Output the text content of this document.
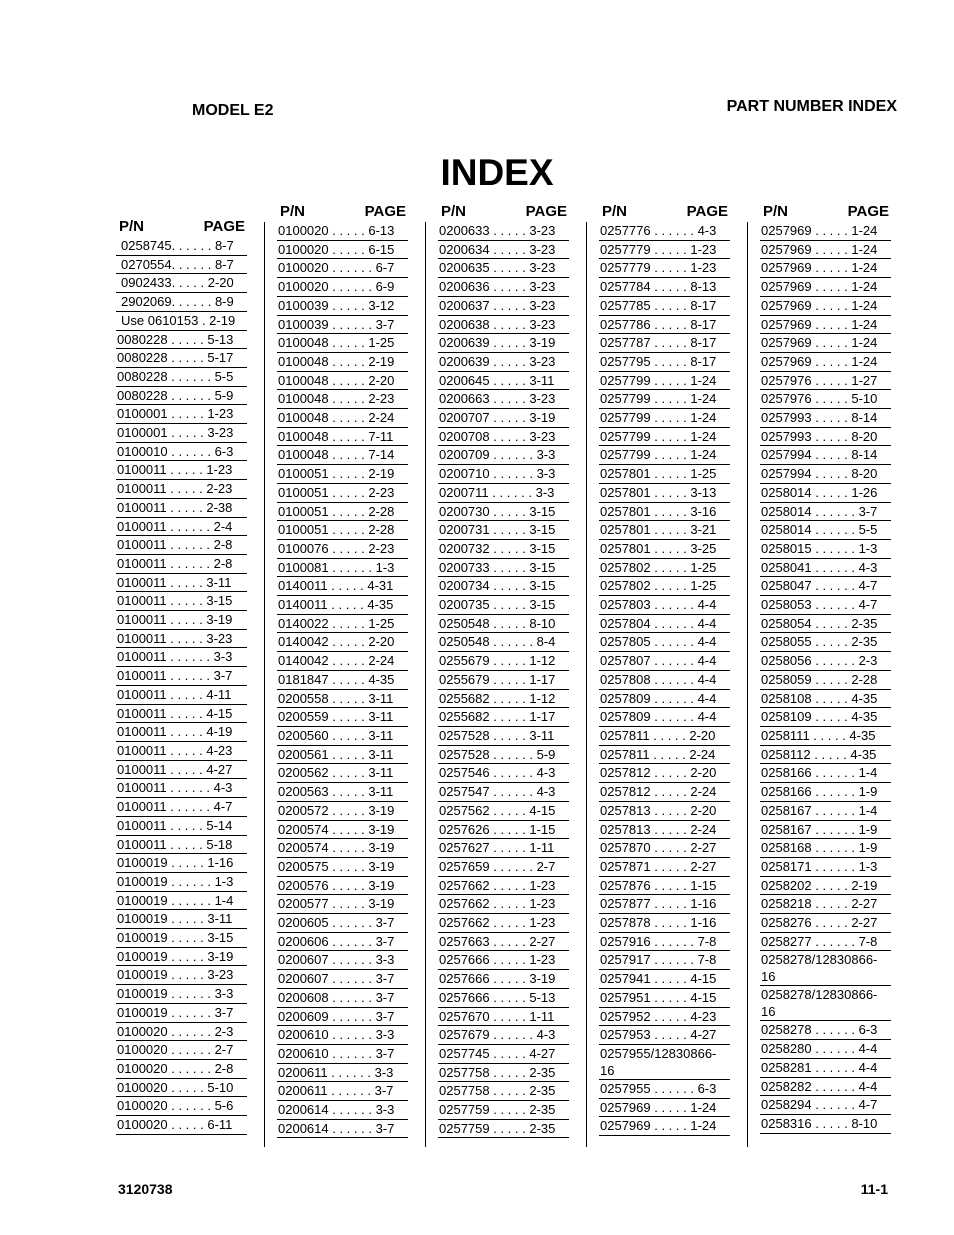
MODEL E2	PART NUMBER INDEX
INDEX
P/N	PAGE
0258745. . . . . . 8-7
0270554. . . . . . 8-7
0902433. . . . . 2-20
2902069. . . . . . 8-9
Use 0610153 . 2-19
0080228 . . . . . 5-13
0080228 . . . . . 5-17
0080228 . . . . . . 5-5
0080228 . . . . . . 5-9
0100001 . . . . . 1-23
0100001 . . . . . 3-23
0100010 . . . . . . 6-3
0100011 . . . . . 1-23
0100011 . . . . . 2-23
0100011 . . . . . 2-38
0100011 . . . . . . 2-4
0100011 . . . . . . 2-8
0100011 . . . . . . 2-8
0100011 . . . . . 3-11
0100011 . . . . . 3-15
0100011 . . . . . 3-19
0100011 . . . . . 3-23
0100011 . . . . . . 3-3
0100011 . . . . . . 3-7
0100011 . . . . . 4-11
0100011 . . . . . 4-15
0100011 . . . . . 4-19
0100011 . . . . . 4-23
0100011 . . . . . 4-27
0100011 . . . . . . 4-3
0100011 . . . . . . 4-7
0100011 . . . . . 5-14
0100011 . . . . . 5-18
0100019 . . . . . 1-16
0100019 . . . . . . 1-3
0100019 . . . . . . 1-4
0100019 . . . . . 3-11
0100019 . . . . . 3-15
0100019 . . . . . 3-19
0100019 . . . . . 3-23
0100019 . . . . . . 3-3
0100019 . . . . . . 3-7
0100020 . . . . . . 2-3
0100020 . . . . . . 2-7
0100020 . . . . . . 2-8
0100020 . . . . . 5-10
0100020 . . . . . . 5-6
0100020 . . . . . 6-11
P/N	PAGE
0100020 . . . . . 6-13
0100020 . . . . . 6-15
0100020 . . . . . . 6-7
0100020 . . . . . . 6-9
0100039 . . . . . 3-12
0100039 . . . . . . 3-7
0100048 . . . . . 1-25
0100048 . . . . . 2-19
0100048 . . . . . 2-20
0100048 . . . . . 2-23
0100048 . . . . . 2-24
0100048 . . . . . 7-11
0100048 . . . . . 7-14
0100051 . . . . . 2-19
0100051 . . . . . 2-23
0100051 . . . . . 2-28
0100051 . . . . . 2-28
0100076 . . . . . 2-23
0100081 . . . . . . 1-3
0140011 . . . . . 4-31
0140011 . . . . . 4-35
0140022 . . . . . 1-25
0140042 . . . . . 2-20
0140042 . . . . . 2-24
0181847 . . . . . 4-35
0200558 . . . . . 3-11
0200559 . . . . . 3-11
0200560 . . . . . 3-11
0200561 . . . . . 3-11
0200562 . . . . . 3-11
0200563 . . . . . 3-11
0200572 . . . . . 3-19
0200574 . . . . . 3-19
0200574 . . . . . 3-19
0200575 . . . . . 3-19
0200576 . . . . . 3-19
0200577 . . . . . 3-19
0200605 . . . . . . 3-7
0200606 . . . . . . 3-7
0200607 . . . . . . 3-3
0200607 . . . . . . 3-7
0200608 . . . . . . 3-7
0200609 . . . . . . 3-7
0200610 . . . . . . 3-3
0200610 . . . . . . 3-7
0200611 . . . . . . 3-3
0200611 . . . . . . 3-7
0200614 . . . . . . 3-3
0200614 . . . . . . 3-7
P/N	PAGE
0200633 . . . . . 3-23
0200634 . . . . . 3-23
0200635 . . . . . 3-23
0200636 . . . . . 3-23
0200637 . . . . . 3-23
0200638 . . . . . 3-23
0200639 . . . . . 3-19
0200639 . . . . . 3-23
0200645 . . . . . 3-11
0200663 . . . . . 3-23
0200707 . . . . . 3-19
0200708 . . . . . 3-23
0200709 . . . . . . 3-3
0200710 . . . . . . 3-3
0200711 . . . . . . 3-3
0200730 . . . . . 3-15
0200731 . . . . . 3-15
0200732 . . . . . 3-15
0200733 . . . . . 3-15
0200734 . . . . . 3-15
0200735 . . . . . 3-15
0250548 . . . . . 8-10
0250548 . . . . . . 8-4
0255679 . . . . . 1-12
0255679 . . . . . 1-17
0255682 . . . . . 1-12
0255682 . . . . . 1-17
0257528 . . . . . 3-11
0257528 . . . . . . 5-9
0257546 . . . . . . 4-3
0257547 . . . . . . 4-3
0257562 . . . . . 4-15
0257626 . . . . . 1-15
0257627 . . . . . 1-11
0257659 . . . . . . 2-7
0257662 . . . . . 1-23
0257662 . . . . . 1-23
0257662 . . . . . 1-23
0257663 . . . . . 2-27
0257666 . . . . . 1-23
0257666 . . . . . 3-19
0257666 . . . . . 5-13
0257670 . . . . . 1-11
0257679 . . . . . . 4-3
0257745 . . . . . 4-27
0257758 . . . . . 2-35
0257758 . . . . . 2-35
0257759 . . . . . 2-35
0257759 . . . . . 2-35
P/N	PAGE
0257776 . . . . . . 4-3
0257779 . . . . . 1-23
0257779 . . . . . 1-23
0257784 . . . . . 8-13
0257785 . . . . . 8-17
0257786 . . . . . 8-17
0257787 . . . . . 8-17
0257795 . . . . . 8-17
0257799 . . . . . 1-24
0257799 . . . . . 1-24
0257799 . . . . . 1-24
0257799 . . . . . 1-24
0257799 . . . . . 1-24
0257801 . . . . . 1-25
0257801 . . . . . 3-13
0257801 . . . . . 3-16
0257801 . . . . . 3-21
0257801 . . . . . 3-25
0257802 . . . . . 1-25
0257802 . . . . . 1-25
0257803 . . . . . . 4-4
0257804 . . . . . . 4-4
0257805 . . . . . . 4-4
0257807 . . . . . . 4-4
0257808 . . . . . . 4-4
0257809 . . . . . . 4-4
0257809 . . . . . . 4-4
0257811 . . . . . 2-20
0257811 . . . . . 2-24
0257812 . . . . . 2-20
0257812 . . . . . 2-24
0257813 . . . . . 2-20
0257813 . . . . . 2-24
0257870 . . . . . 2-27
0257871 . . . . . 2-27
0257876 . . . . . 1-15
0257877 . . . . . 1-16
0257878 . . . . . 1-16
0257916 . . . . . . 7-8
0257917 . . . . . . 7-8
0257941 . . . . . 4-15
0257951 . . . . . 4-15
0257952 . . . . . 4-23
0257953 . . . . . 4-27
0257955/12830866-16
0257955 . . . . . . 6-3
0257969 . . . . . 1-24
0257969 . . . . . 1-24
P/N	PAGE
0257969 . . . . . 1-24
0257969 . . . . . 1-24
0257969 . . . . . 1-24
0257969 . . . . . 1-24
0257969 . . . . . 1-24
0257969 . . . . . 1-24
0257969 . . . . . 1-24
0257969 . . . . . 1-24
0257976 . . . . . 1-27
0257976 . . . . . 5-10
0257993 . . . . . 8-14
0257993 . . . . . 8-20
0257994 . . . . . 8-14
0257994 . . . . . 8-20
0258014 . . . . . 1-26
0258014 . . . . . . 3-7
0258014 . . . . . . 5-5
0258015 . . . . . . 1-3
0258041 . . . . . . 4-3
0258047 . . . . . . 4-7
0258053 . . . . . . 4-7
0258054 . . . . . 2-35
0258055 . . . . . 2-35
0258056 . . . . . . 2-3
0258059 . . . . . 2-28
0258108 . . . . . 4-35
0258109 . . . . . 4-35
0258111 . . . . . 4-35
0258112 . . . . . 4-35
0258166 . . . . . . 1-4
0258166 . . . . . . 1-9
0258167 . . . . . . 1-4
0258167 . . . . . . 1-9
0258168 . . . . . . 1-9
0258171 . . . . . . 1-3
0258202 . . . . . 2-19
0258218 . . . . . 2-27
0258276 . . . . . 2-27
0258277 . . . . . . 7-8
0258278/12830866-16
0258278/12830866-16
0258278 . . . . . . 6-3
0258280 . . . . . . 4-4
0258281 . . . . . . 4-4
0258282 . . . . . . 4-4
0258294 . . . . . . 4-7
0258316 . . . . . 8-10
3120738	11-1
